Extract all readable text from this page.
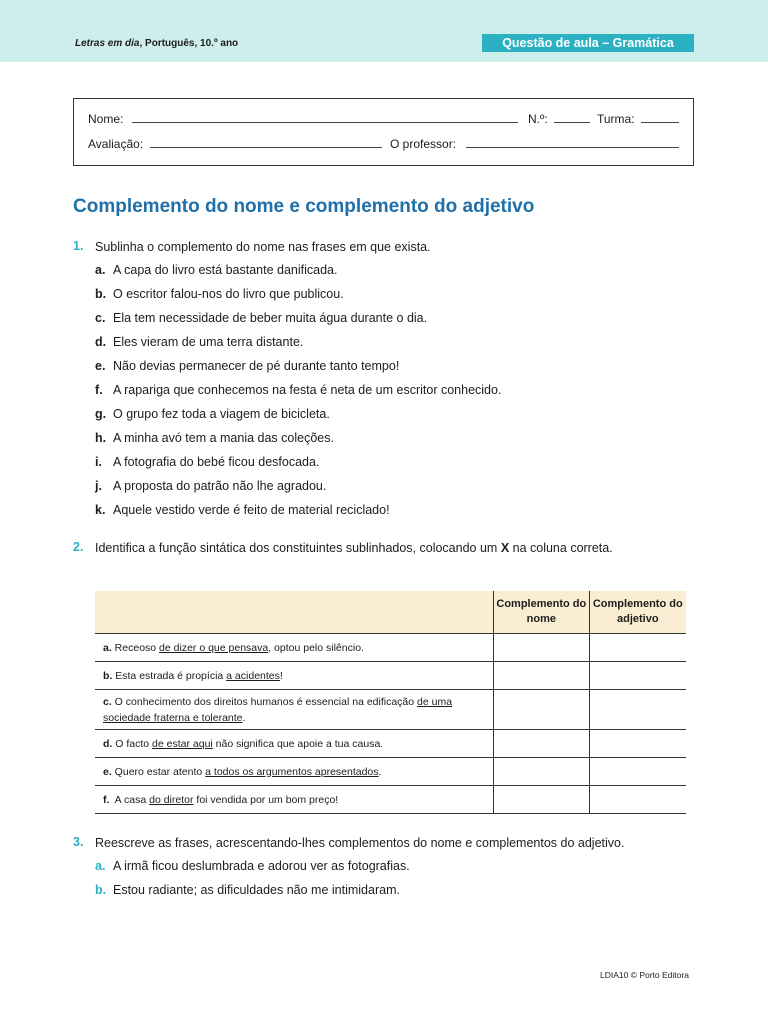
Letras em dia, Português, 10.º ano	Questão de aula – Gramática
Nome:	N.º:	Turma:
Avaliação:	O professor:
Complemento do nome e complemento do adjetivo
1. Sublinha o complemento do nome nas frases em que exista.
a. A capa do livro está bastante danificada.
b. O escritor falou-nos do livro que publicou.
c. Ela tem necessidade de beber muita água durante o dia.
d. Eles vieram de uma terra distante.
e. Não devias permanecer de pé durante tanto tempo!
f. A rapariga que conhecemos na festa é neta de um escritor conhecido.
g. O grupo fez toda a viagem de bicicleta.
h. A minha avó tem a mania das coleções.
i. A fotografia do bebé ficou desfocada.
j. A proposta do patrão não lhe agradou.
k. Aquele vestido verde é feito de material reciclado!
2. Identifica a função sintática dos constituintes sublinhados, colocando um X na coluna correta.
	Complemento do nome	Complemento do adjetivo
a. Receoso de dizer o que pensava, optou pelo silêncio.		
b. Esta estrada é propícia a acidentes!		
c. O conhecimento dos direitos humanos é essencial na edificação de uma sociedade fraterna e tolerante.		
d. O facto de estar aqui não significa que apoie a tua causa.		
e. Quero estar atento a todos os argumentos apresentados.		
f.  A casa do diretor foi vendida por um bom preço!		
3. Reescreve as frases, acrescentando-lhes complementos do nome e complementos do adjetivo.
a. A irmã ficou deslumbrada e adorou ver as fotografias.
b. Estou radiante; as dificuldades não me intimidaram.
LDIA10 © Porto Editora
